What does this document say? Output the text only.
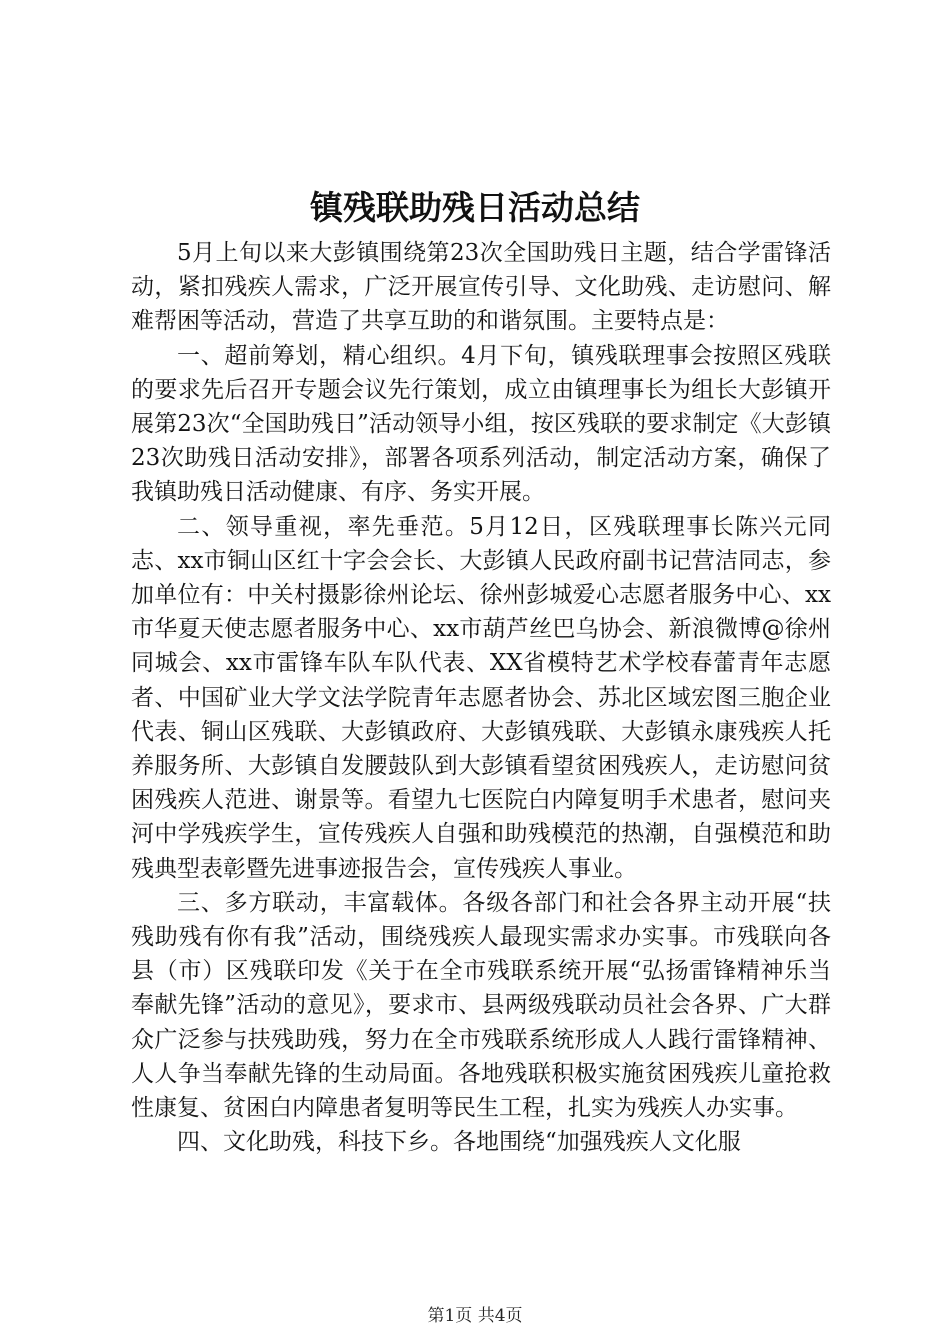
镇残联助残日活动总结

5月上旬以来大彭镇围绕第23次全国助残日主题，结合学雷锋活动，紧扣残疾人需求，广泛开展宣传引导、文化助残、走访慰问、解难帮困等活动，营造了共享互助的和谐氛围。主要特点是：

一、超前筹划，精心组织。4月下旬，镇残联理事会按照区残联的要求先后召开专题会议先行策划，成立由镇理事长为组长大彭镇开展第23次“全国助残日”活动领导小组，按区残联的要求制定《大彭镇23次助残日活动安排》，部署各项系列活动，制定活动方案，确保了我镇助残日活动健康、有序、务实开展。

二、领导重视，率先垂范。5月12日，区残联理事长陈兴元同志、xx市铜山区红十字会会长、大彭镇人民政府副书记营洁同志，参加单位有：中关村摄影徐州论坛、徐州彭城爱心志愿者服务中心、xx市华夏天使志愿者服务中心、xx市葫芦丝巴乌协会、新浪微博@徐州同城会、xx市雷锋车队车队代表、XX省模特艺术学校春蕾青年志愿者、中国矿业大学文法学院青年志愿者协会、苏北区域宏图三胞企业代表、铜山区残联、大彭镇政府、大彭镇残联、大彭镇永康残疾人托养服务所、大彭镇自发腰鼓队到大彭镇看望贫困残疾人，走访慰问贫困残疾人范进、谢景等。看望九七医院白内障复明手术患者，慰问夹河中学残疾学生，宣传残疾人自强和助残模范的热潮，自强模范和助残典型表彰暨先进事迹报告会，宣传残疾人事业。

三、多方联动，丰富载体。各级各部门和社会各界主动开展“扶残助残有你有我”活动，围绕残疾人最现实需求办实事。市残联向各县（市）区残联印发《关于在全市残联系统开展“弘扬雷锋精神乐当奉献先锋”活动的意见》，要求市、县两级残联动员社会各界、广大群众广泛参与扶残助残，努力在全市残联系统形成人人践行雷锋精神、人人争当奉献先锋的生动局面。各地残联积极实施贫困残疾儿童抢救性康复、贫困白内障患者复明等民生工程，扎实为残疾人办实事。

四、文化助残，科技下乡。各地围绕“加强残疾人文化服

第1页 共4页
